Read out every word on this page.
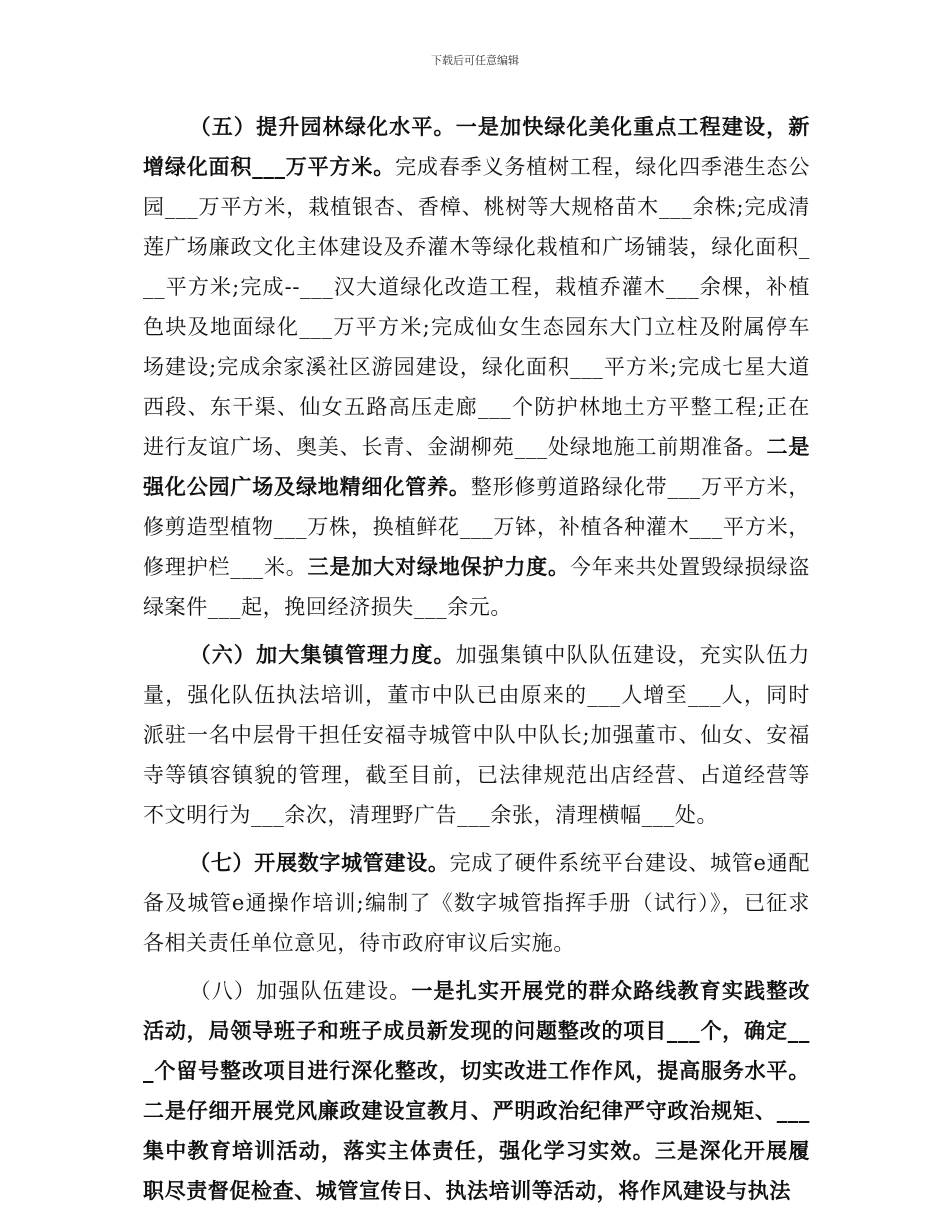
下载后可任意编辑

（五）提升园林绿化水平。一是加快绿化美化重点工程建设，新增绿化面积___万平方米。完成春季义务植树工程，绿化四季港生态公园___万平方米，栽植银杏、香樟、桃树等大规格苗木___余株;完成清莲广场廉政文化主体建设及乔灌木等绿化栽植和广场铺装，绿化面积___平方米;完成--___汉大道绿化改造工程，栽植乔灌木___余棵，补植色块及地面绿化___万平方米;完成仙女生态园东大门立柱及附属停车场建设;完成余家溪社区游园建设，绿化面积___平方米;完成七星大道西段、东干渠、仙女五路高压走廊___个防护林地土方平整工程;正在进行友谊广场、奥美、长青、金湖柳苑___处绿地施工前期准备。二是强化公园广场及绿地精细化管养。整形修剪道路绿化带___万平方米，修剪造型植物___万株，换植鲜花___万钵，补植各种灌木___平方米，修理护栏___米。三是加大对绿地保护力度。今年来共处置毁绿损绿盗绿案件___起，挽回经济损失___余元。

（六）加大集镇管理力度。加强集镇中队队伍建设，充实队伍力量，强化队伍执法培训，董市中队已由原来的___人增至___人，同时派驻一名中层骨干担任安福寺城管中队中队长;加强董市、仙女、安福寺等镇容镇貌的管理，截至目前，已法律规范出店经营、占道经营等不文明行为___余次，清理野广告___余张，清理横幅___处。

（七）开展数字城管建设。完成了硬件系统平台建设、城管e通配备及城管e通操作培训;编制了《数字城管指挥手册（试行）》，已征求各相关责任单位意见，待市政府审议后实施。

（八）加强队伍建设。一是扎实开展党的群众路线教育实践整改活动，局领导班子和班子成员新发现的问题整改的项目___个，确定___个留号整改项目进行深化整改，切实改进工作作风，提高服务水平。二是仔细开展党风廉政建设宣教月、严明政治纪律严守政治规矩、___集中教育培训活动，落实主体责任，强化学习实效。三是深化开展履职尽责督促检查、城管宣传日、执法培训等活动，将作风建设与执法
